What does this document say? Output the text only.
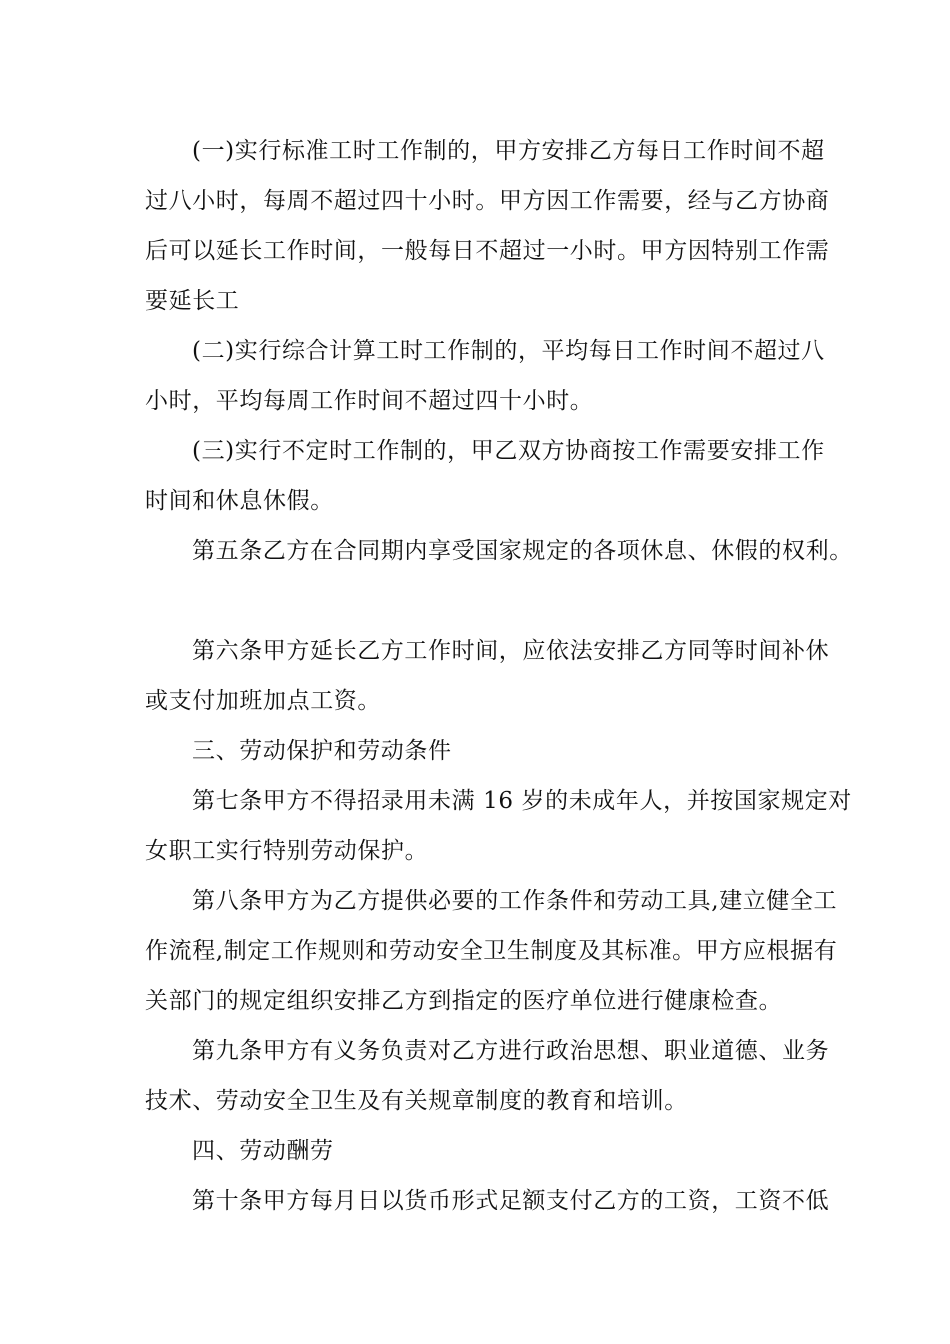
(一)实行标准工时工作制的，甲方安排乙方每日工作时间不超
过八小时，每周不超过四十小时。甲方因工作需要，经与乙方协商
后可以延长工作时间，一般每日不超过一小时。甲方因特别工作需
要延长工
(二)实行综合计算工时工作制的，平均每日工作时间不超过八
小时，平均每周工作时间不超过四十小时。
(三)实行不定时工作制的，甲乙双方协商按工作需要安排工作
时间和休息休假。
第五条乙方在合同期内享受国家规定的各项休息、休假的权利。
第六条甲方延长乙方工作时间，应依法安排乙方同等时间补休
或支付加班加点工资。
三、劳动保护和劳动条件
第七条甲方不得招录用未满 16 岁的未成年人，并按国家规定对
女职工实行特别劳动保护。
第八条甲方为乙方提供必要的工作条件和劳动工具,建立健全工
作流程,制定工作规则和劳动安全卫生制度及其标准。甲方应根据有
关部门的规定组织安排乙方到指定的医疗单位进行健康检查。
第九条甲方有义务负责对乙方进行政治思想、职业道德、业务
技术、劳动安全卫生及有关规章制度的教育和培训。
四、劳动酬劳
第十条甲方每月日以货币形式足额支付乙方的工资，工资不低
